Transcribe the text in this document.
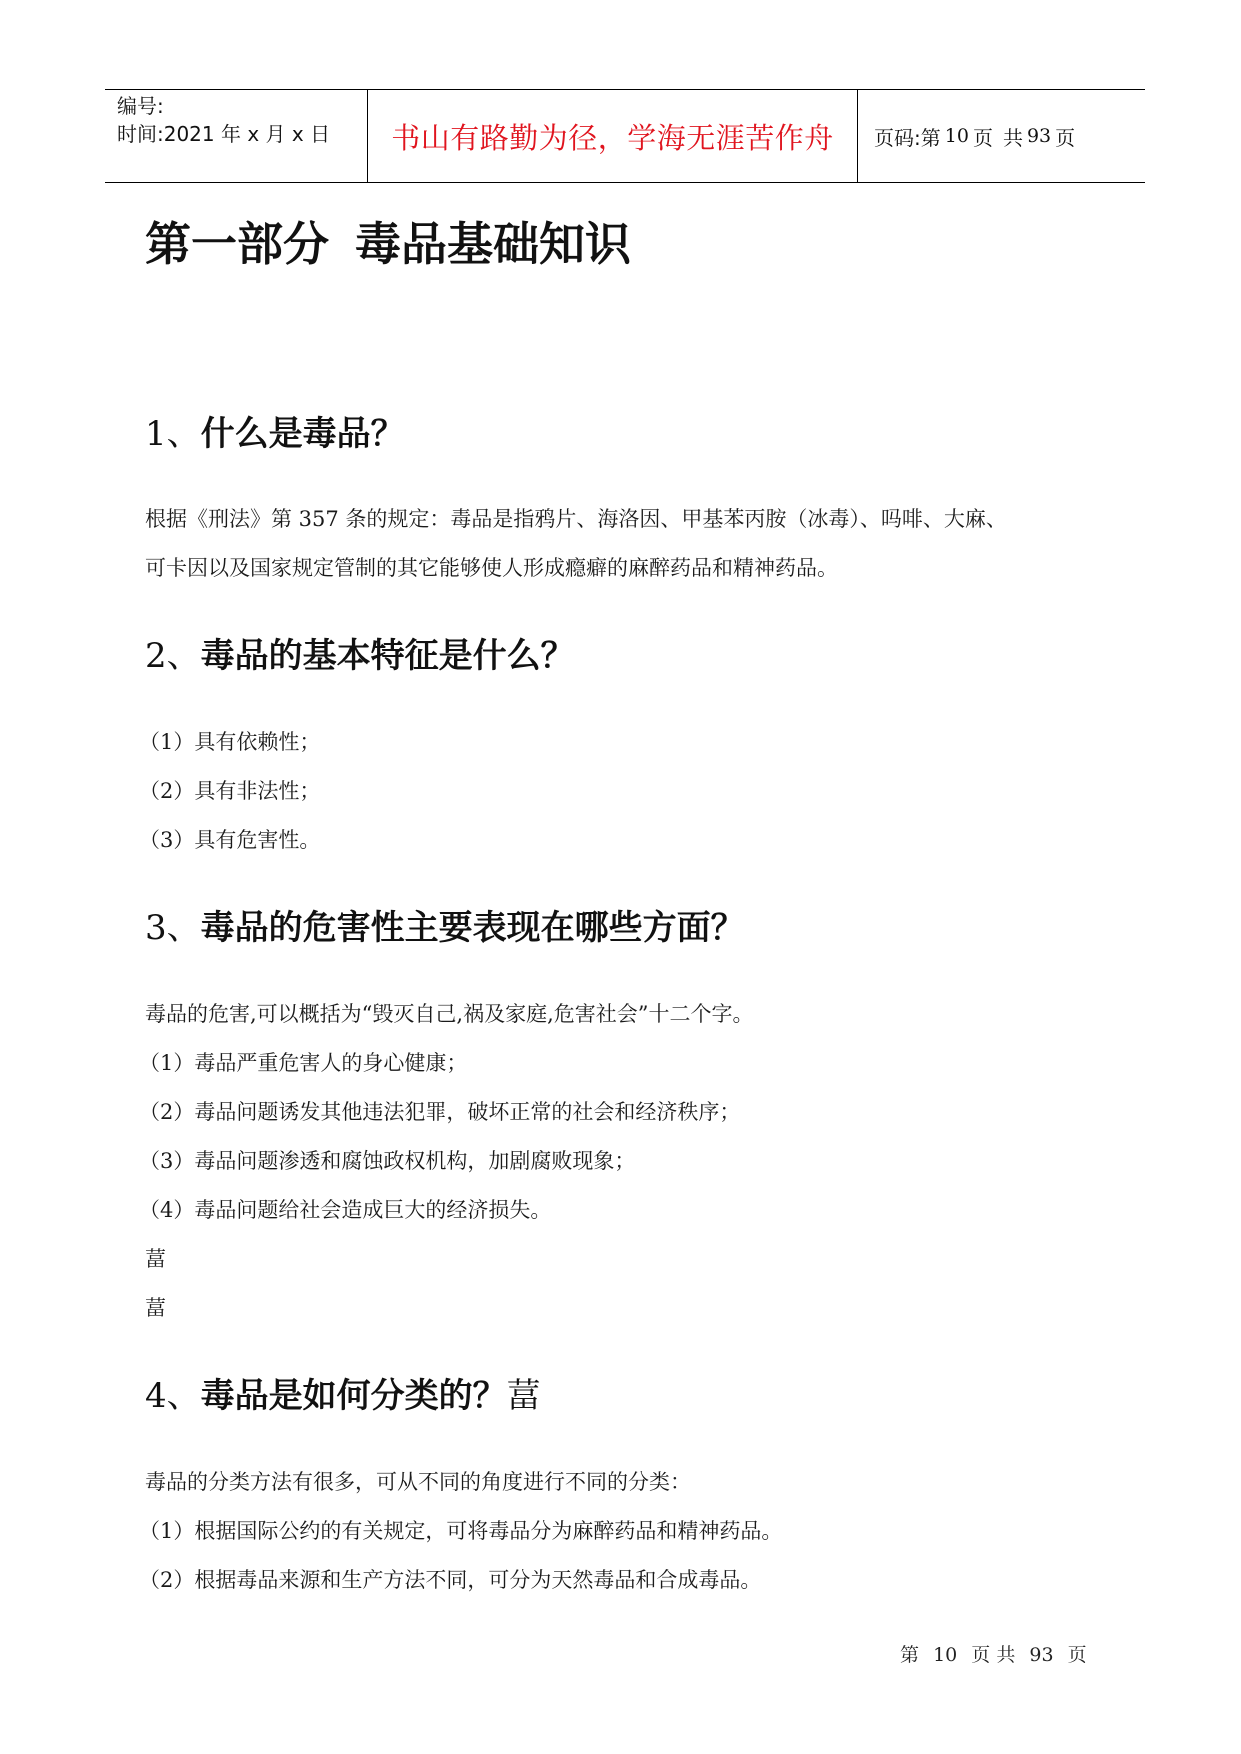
编号:
时间:2021 年 x 月 x 日	书山有路勤为径，学海无涯苦作舟	页码:第 10 页 共 93 页
第一部分 毒品基础知识
1、什么是毒品？

根据《刑法》第 357 条的规定：毒品是指鸦片、海洛因、甲基苯丙胺（冰毒）、吗啡、大麻、

可卡因以及国家规定管制的其它能够使人形成瘾癖的麻醉药品和精神药品。

2、毒品的基本特征是什么？

（1）具有依赖性；

（2）具有非法性；

（3）具有危害性。

3、毒品的危害性主要表现在哪些方面？

毒品的危害,可以概括为“毁灭自己,祸及家庭,危害社会”十二个字。

（1）毒品严重危害人的身心健康；

（2）毒品问题诱发其他违法犯罪，破坏正常的社会和经济秩序；

（3）毒品问题渗透和腐蚀政权机构，加剧腐败现象；

（4）毒品问题给社会造成巨大的经济损失。

葍

葍

4、毒品是如何分类的？葍

毒品的分类方法有很多，可从不同的角度进行不同的分类：

（1）根据国际公约的有关规定，可将毒品分为麻醉药品和精神药品。

（2）根据毒品来源和生产方法不同，可分为天然毒品和合成毒品。

第 10 页 共 93 页
